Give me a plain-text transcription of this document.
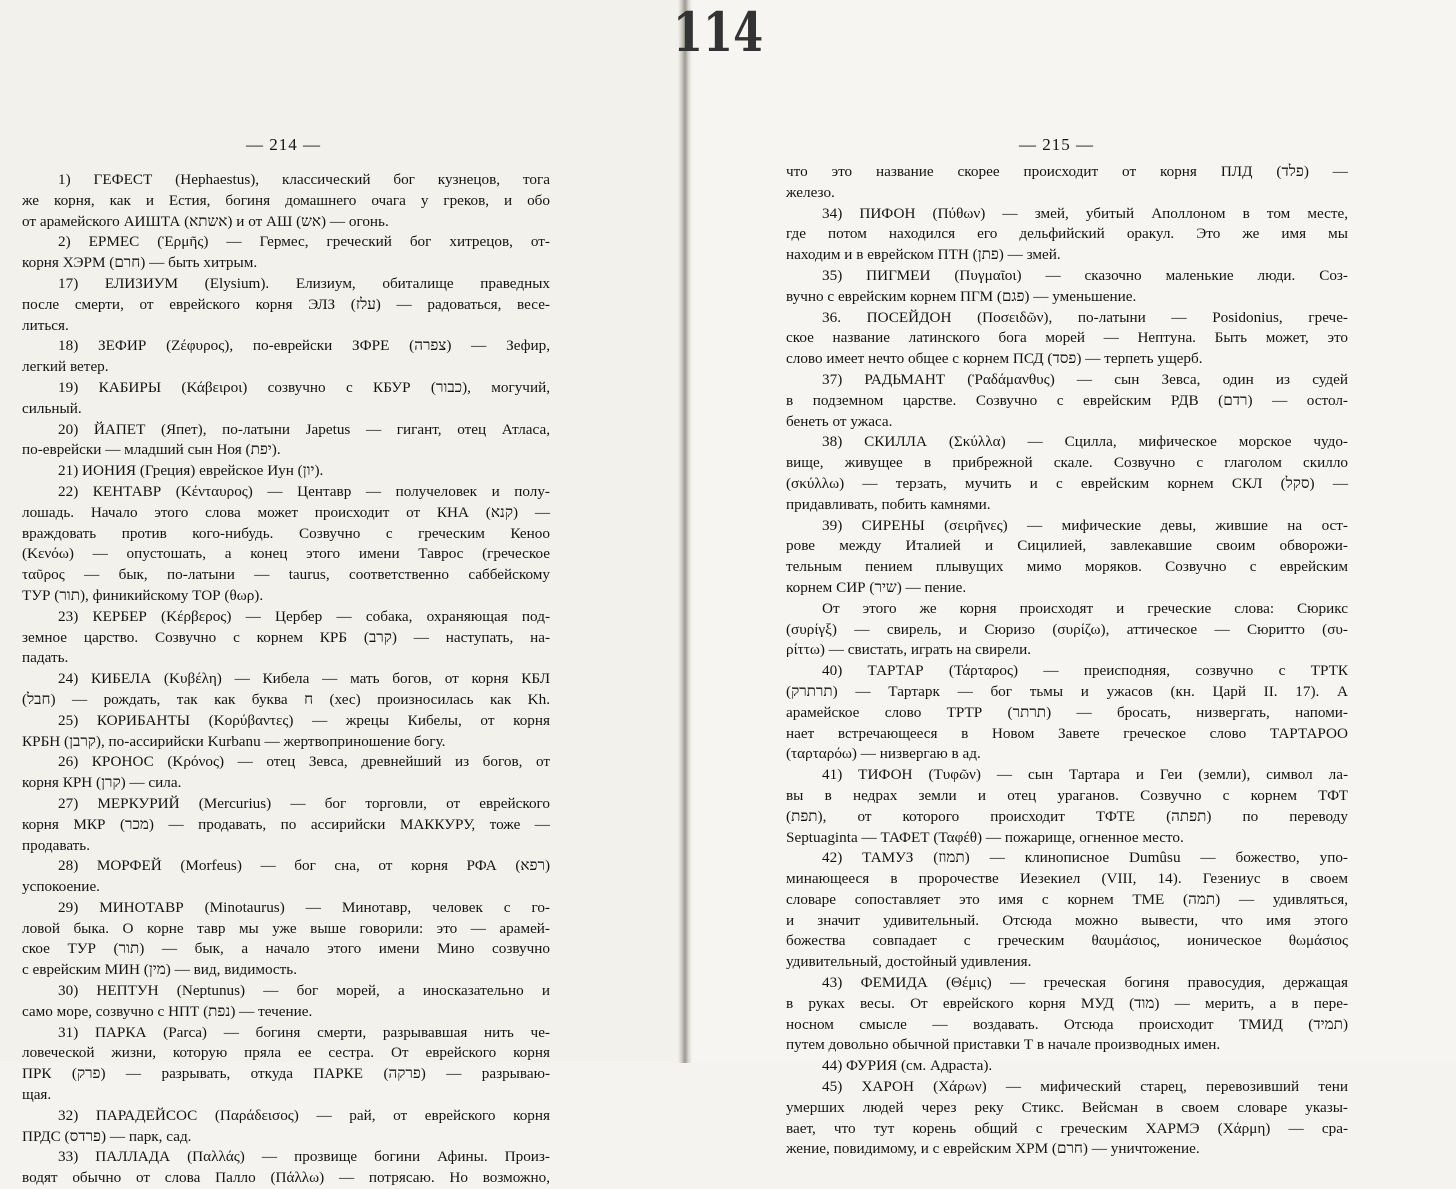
— 214 —
1) ГЕФЕСТ (Hephaestus), классический бог кузнецов, тога
же корня, как и Естия, богиня домашнего очага у греков, и обо
от арамейского АИШТА (אשתא) и от АШ (אש) — огонь.
2) ЕРМЕС (Ἑρμῆς) — Гермес, греческий бог хитрецов, от-
корня ХЭРМ (חרם) — быть хитрым.
17) ЕЛИЗИУМ (Elysium). Елизиум, обиталище праведных
после смерти, от еврейского корня ЭЛЗ (עלז) — радоваться, весе-
литься.
18) ЗЕФИР (Ζέφυρος), по-еврейски ЗФРЕ (צפרה) — Зефир,
легкий ветер.
19) КАБИРЫ (Κάβειροι) созвучно с КБУР (כבור), могучий,
сильный.
20) ЙАПЕТ (Япет), по-латыни Japetus — гигант, отец Атласа,
по-еврейски — младший сын Ноя (יפת).
21) ИОНИЯ (Греция) еврейское Иун (יון).
22) КЕНТАВР (Κένταυρος) — Центавр — получеловек и полу-
лошадь. Начало этого слова может происходит от КНА (קנא) —
враждовать против кого-нибудь. Созвучно с греческим Кеноо
(Κενόω) — опустошать, а конец этого имени Таврос (греческое
ταῦρος — бык, по-латыни — taurus, соответственно саббейскому
ТУР (תור), финикийскому ТОР (θωρ).
23) КЕРБЕР (Κέρβερος) — Цербер — собака, охраняющая под-
земное царство. Созвучно с корнем КРБ (קרב) — наступать, на-
падать.
24) КИБЕЛА (Κυβέλη) — Кибела — мать богов, от корня КБЛ
(חבל) — рождать, так как буква ח (хес) произносилась как Kh.
25) КОРИБАНТЫ (Κορύβαντες) — жрецы Кибелы, от корня
КРБН (קרבן), по-ассирийски Kurbanu — жертвоприношение богу.
26) КРОНОС (Κρόνος) — отец Зевса, древнейший из богов, от
корня КРН (קרן) — сила.
27) МЕРКУРИЙ (Mercurius) — бог торговли, от еврейского
корня МКР (מכר) — продавать, по ассирийски МАККУРУ, тоже —
продавать.
28) МОРФЕЙ (Morfeus) — бог сна, от корня РФА (רפא)
успокоение.
29) МИНОТАВР (Minotaurus) — Минотавр, человек с го-
ловой быка. О корне тавр мы уже выше говорили: это — арамей-
ское ТУР (תור) — бык, а начало этого имени Мино созвучно
с еврейским МИН (מין) — вид, видимость.
30) НЕПТУН (Neptunus) — бог морей, а иносказательно и
само море, созвучно с НПТ (נפת) — течение.
31) ПАРКА (Parca) — богиня смерти, разрывавшая нить че-
ловеческой жизни, которую пряла ее сестра. От еврейского корня
ПРК (פרק) — разрывать, откуда ПАРКЕ (פרקה) — разрываю-
щая.
32) ПАРАДЕЙСОС (Παράδεισος) — рай, от еврейского корня
ПРДС (פרדס) — парк, сад.
33) ПАЛЛАДА (Παλλάς) — прозвище богини Афины. Произ-
водят обычно от слова Палло (Πάλλω) — потрясаю. Но возможно,
— 215 —
что это название скорее происходит от корня ПЛД (פלד) —
железо.
34) ПИФОН (Πύθων) — змей, убитый Аполлоном в том месте,
где потом находился его дельфийский оракул. Это же имя мы
находим и в еврейском ПТН (פתן) — змей.
35) ПИГМЕИ (Πυγμαῖοι) — сказочно маленькие люди. Соз-
вучно с еврейским корнем ПГМ (פגם) — уменьшение.
36. ПОСЕЙДОН (Ποσειδῶν), по-латыни — Posidonius, грече-
ское название латинского бога морей — Нептуна. Быть может, это
слово имеет нечто общее с корнем ПСД (פסד) — терпеть ущерб.
37) РАДЬМАНТ (Ῥαδάμανθυς) — сын Зевса, один из судей
в подземном царстве. Созвучно с еврейским РДВ (רדם) — остол-
бенеть от ужаса.
38) СКИЛЛА (Σκύλλα) — Сцилла, мифическое морское чудо-
вище, живущее в прибрежной скале. Созвучно с глаголом скилло
(σκύλλω) — терзать, мучить и с еврейским корнем СКЛ (סקל) —
придавливать, побить камнями.
39) СИРЕНЫ (σειρῆνες) — мифические девы, жившие на ост-
рове между Италией и Сицилией, завлекавшие своим обворожи-
тельным пением плывущих мимо моряков. Созвучно с еврейским
корнем СИР (שיר) — пение.
От этого же корня происходят и греческие слова: Сюрикс
(συρίγξ) — свирель, и Сюризо (συρίζω), аттическое — Сюритто (συ-
ρίττω) — свистать, играть на свирели.
40) ТАРТАР (Τάρταρος) — преисподняя, созвучно с ТРТК
(תרתרק) — Тартарк — бог тьмы и ужасов (кн. Царй II. 17). А
арамейское слово ТРТР (תרתר) — бросать, низвергать, напоми-
нает встречающееся в Новом Завете греческое слово ТАРТАРОО
(ταρταρόω) — низвергаю в ад.
41) ТИФОН (Τυφῶν) — сын Тартара и Геи (земли), символ ла-
вы в недрах земли и отец ураганов. Созвучно с корнем ТФТ
(תפת), от которого происходит ТФТЕ (תפתה) по переводу
Septuaginta — ТАФЕТ (Ταφέθ) — пожарище, огненное место.
42) ТАМУЗ (תמוז) — клинописное Dumûsu — божество, упо-
минающееся в пророчестве Иезекиел (VIII, 14). Гезениус в своем
словаре сопоставляет это имя с корнем ТМЕ (תמה) — удивляться,
и значит удивительный. Отсюда можно вывести, что имя этого
божества совпадает с греческим θαυμάσιος, ионическое θωμάσιος
удивительный, достойный удивления.
43) ФЕМИДА (Θέμις) — греческая богиня правосудия, держащая
в руках весы. От еврейского корня МУД (מוד) — мерить, а в пере-
носном смысле — воздавать. Отсюда происходит ТМИД (תמיד)
путем довольно обычной приставки Т в начале производных имен.
44) ФУРИЯ (см. Адраста).
45) ХАРОН (Χάρων) — мифический старец, перевозивший тени
умерших людей через реку Стикс. Вейсман в своем словаре указы-
вает, что тут корень общий с греческим ХАРМЭ (Χάρμη) — сра-
жение, повидимому, и с еврейским ХРМ (חרם) — уничтожение.
114
